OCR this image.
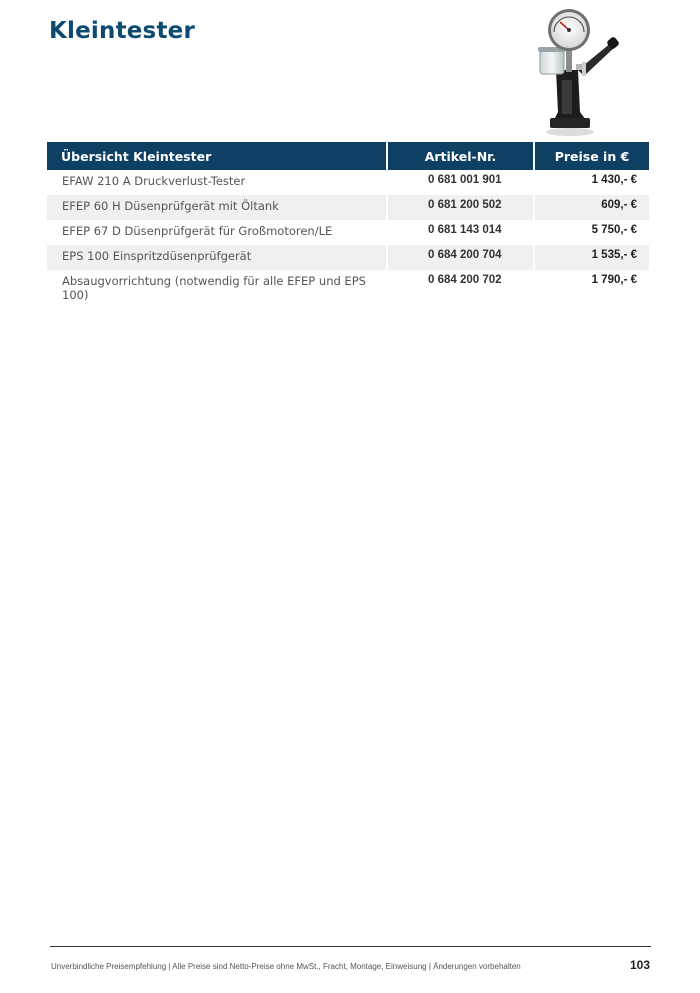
Kleintester
Übersicht Kleintester	Artikel-Nr.	Preise in €
EFAW 210 A Druckverlust-Tester	0 681 001 901	1 430,- €
EFEP 60 H Düsenprüfgerät mit Öltank	0 681 200 502	609,- €
EFEP 67 D Düsenprüfgerät für Großmotoren/LE	0 681 143 014	5 750,- €
EPS 100 Einspritzdüsenprüfgerät	0 684 200 704	1 535,- €
Absaugvorrichtung (notwendig für alle EFEP und EPS 100)	0 684 200 702	1 790,- €
Unverbindliche Preisempfehlung | Alle Preise sind Netto-Preise ohne MwSt., Fracht, Montage, Einweisung | Änderungen vorbehalten	103
